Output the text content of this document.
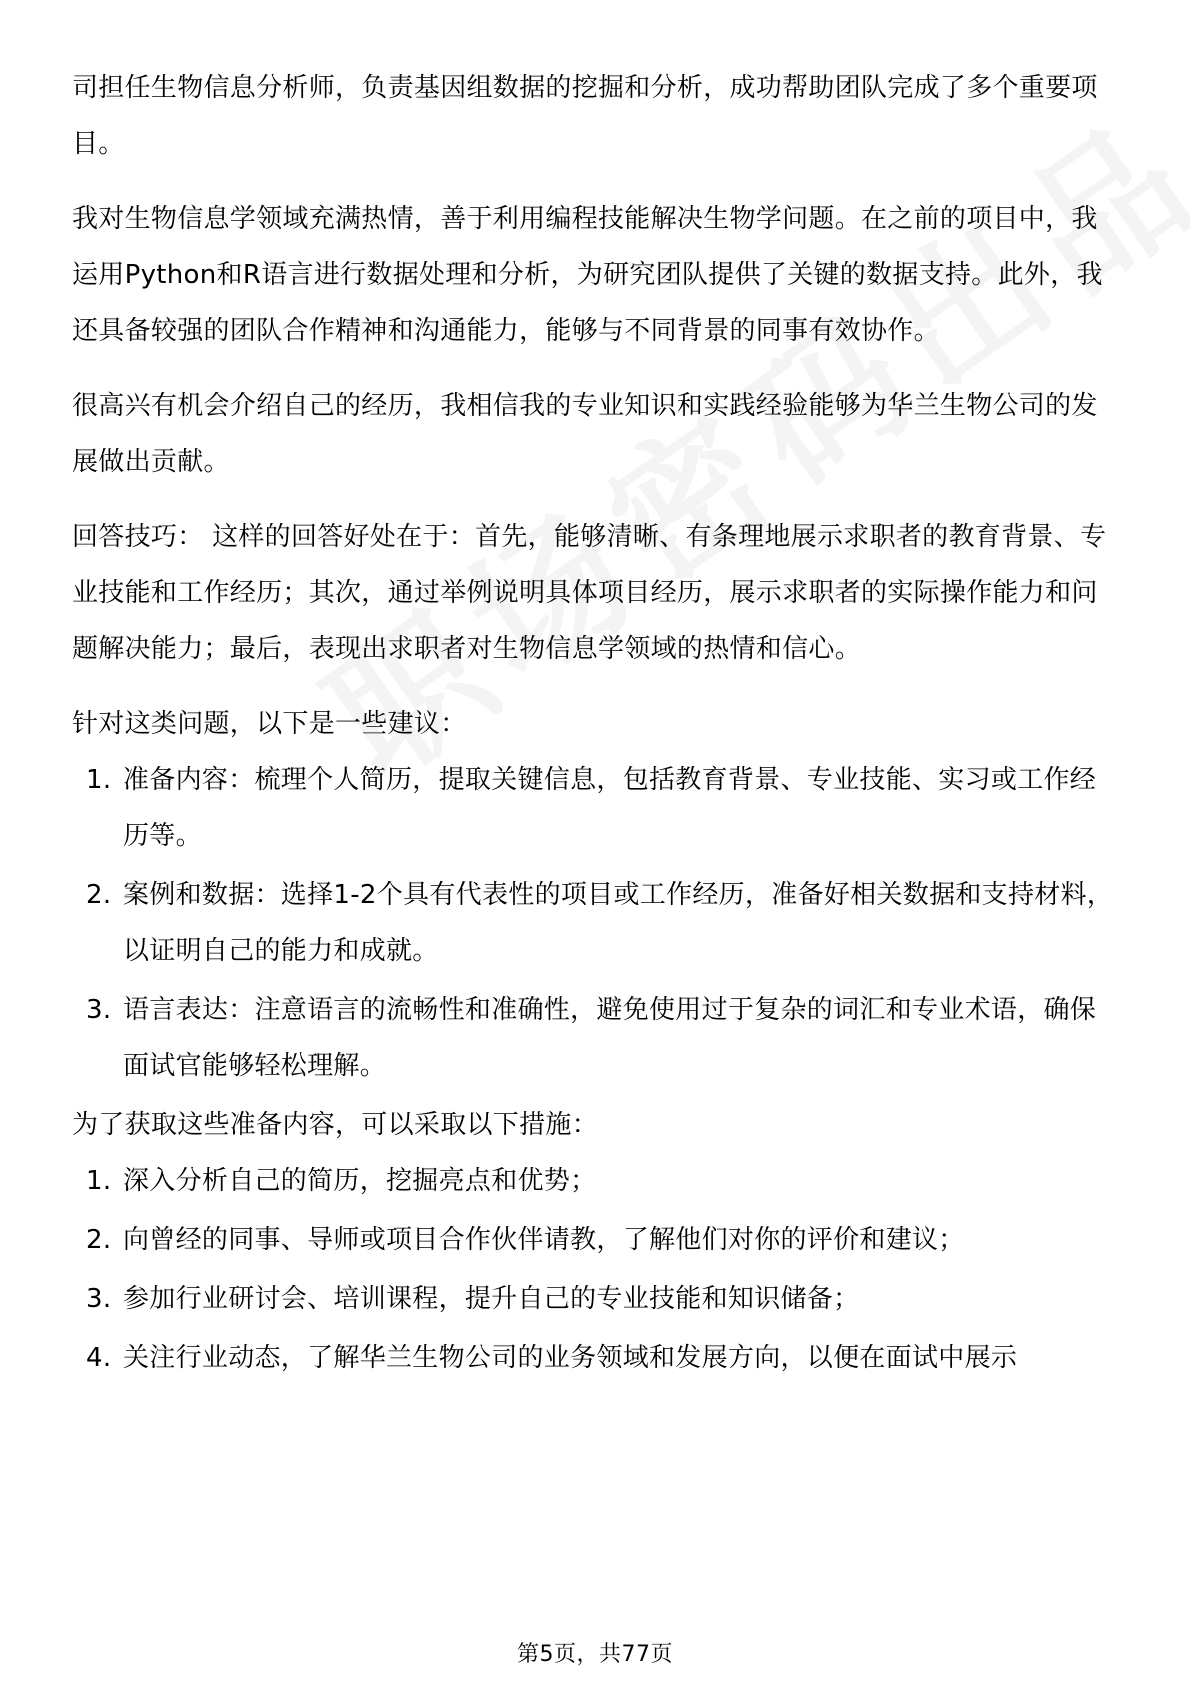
司担任生物信息分析师，负责基因组数据的挖掘和分析，成功帮助团队完成了多个重要项目。

我对生物信息学领域充满热情，善于利用编程技能解决生物学问题。在之前的项目中，我运用Python和R语言进行数据处理和分析，为研究团队提供了关键的数据支持。此外，我还具备较强的团队合作精神和沟通能力，能够与不同背景的同事有效协作。

很高兴有机会介绍自己的经历，我相信我的专业知识和实践经验能够为华兰生物公司的发展做出贡献。

回答技巧： 这样的回答好处在于：首先，能够清晰、有条理地展示求职者的教育背景、专业技能和工作经历；其次，通过举例说明具体项目经历，展示求职者的实际操作能力和问题解决能力；最后，表现出求职者对生物信息学领域的热情和信心。

针对这类问题，以下是一些建议：

1. 准备内容：梳理个人简历，提取关键信息，包括教育背景、专业技能、实习或工作经历等。
2. 案例和数据：选择1-2个具有代表性的项目或工作经历，准备好相关数据和支持材料，以证明自己的能力和成就。
3. 语言表达：注意语言的流畅性和准确性，避免使用过于复杂的词汇和专业术语，确保面试官能够轻松理解。

为了获取这些准备内容，可以采取以下措施：

1. 深入分析自己的简历，挖掘亮点和优势；
2. 向曾经的同事、导师或项目合作伙伴请教，了解他们对你的评价和建议；
3. 参加行业研讨会、培训课程，提升自己的专业技能和知识储备；
4. 关注行业动态，了解华兰生物公司的业务领域和发展方向，以便在面试中展示
第5页，共77页
